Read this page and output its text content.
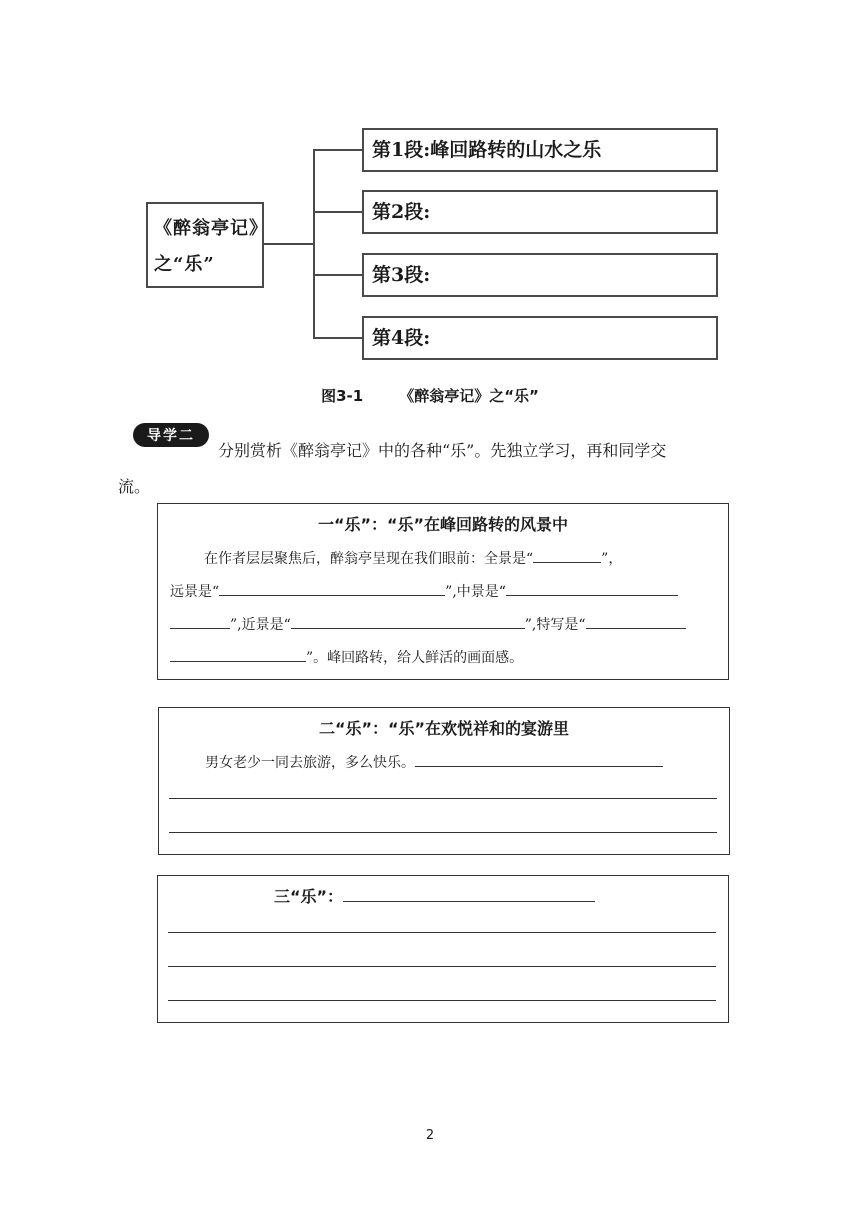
《醉翁亭记》
之“乐”
第1段:峰回路转的山水之乐
第2段:
第3段:
第4段:
图3-1 《醉翁亭记》之“乐”
导学二
分别赏析《醉翁亭记》中的各种“乐”。先独立学习，再和同学交
流。
一“乐”：“乐”在峰回路转的风景中
在作者层层聚焦后，醉翁亭呈现在我们眼前：全景是“	”，
远景是“	”,中景是“
”,近景是“	”,特写是“
”。峰回路转，给人鲜活的画面感。
二“乐”：“乐”在欢悦祥和的宴游里
男女老少一同去旅游，多么快乐。
三“乐”：
2
